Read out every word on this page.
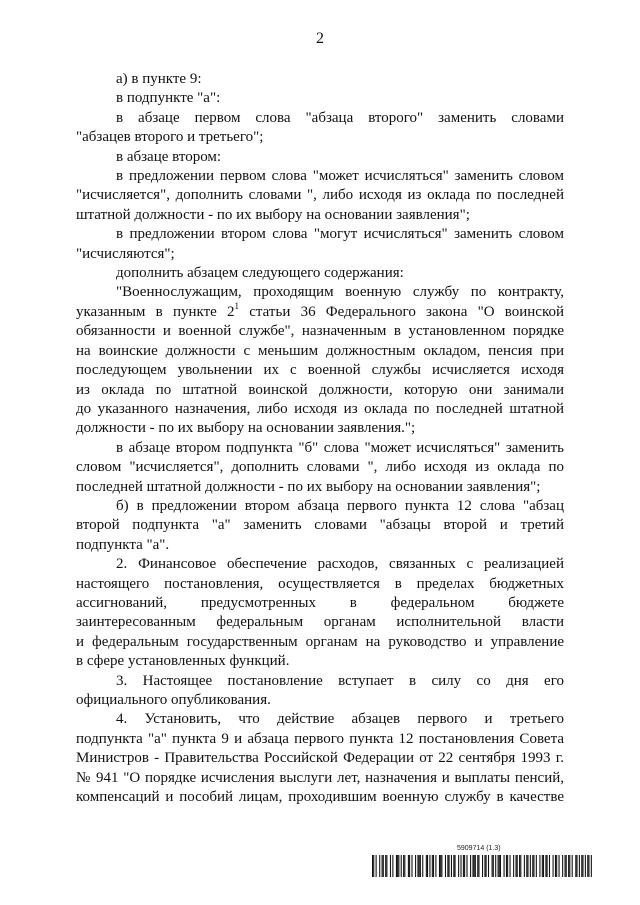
2

а) в пункте 9:

в подпункте "а":

в абзаце первом слова "абзаца второго" заменить словами

"абзацев второго и третьего";

в абзаце втором:

в предложении первом слова "может исчисляться" заменить словом

"исчисляется", дополнить словами ", либо исходя из оклада по последней

штатной должности - по их выбору на основании заявления";

в предложении втором слова "могут исчисляться" заменить словом

"исчисляются";

дополнить абзацем следующего содержания:

"Военнослужащим, проходящим военную службу по контракту,

указанным в пункте $2^1$ статьи 36 Федерального закона "О воинской

обязанности и военной службе", назначенным в установленном порядке

на воинские должности с меньшим должностным окладом, пенсия при

последующем увольнении их с военной службы исчисляется исходя

из оклада по штатной воинской должности, которую они занимали

до указанного назначения, либо исходя из оклада по последней штатной

должности - по их выбору на основании заявления.";

в абзаце втором подпункта "б" слова "может исчисляться" заменить

словом "исчисляется", дополнить словами ", либо исходя из оклада по

последней штатной должности - по их выбору на основании заявления";

б) в предложении втором абзаца первого пункта 12 слова "абзац

второй подпункта "а" заменить словами "абзацы второй и третий

подпункта "а".

2. Финансовое обеспечение расходов, связанных с реализацией

настоящего постановления, осуществляется в пределах бюджетных

ассигнований, предусмотренных в федеральном бюджете

заинтересованным федеральным органам исполнительной власти

и федеральным государственным органам на руководство и управление

в сфере установленных функций.

3. Настоящее постановление вступает в силу со дня его

официального опубликования.

4. Установить, что действие абзацев первого и третьего

подпункта "а" пункта 9 и абзаца первого пункта 12 постановления Совета

Министров - Правительства Российской Федерации от 22 сентября 1993 г.

№ 941 "О порядке исчисления выслуги лет, назначения и выплаты пенсий,

компенсаций и пособий лицам, проходившим военную службу в качестве

5909714 (1.3)
